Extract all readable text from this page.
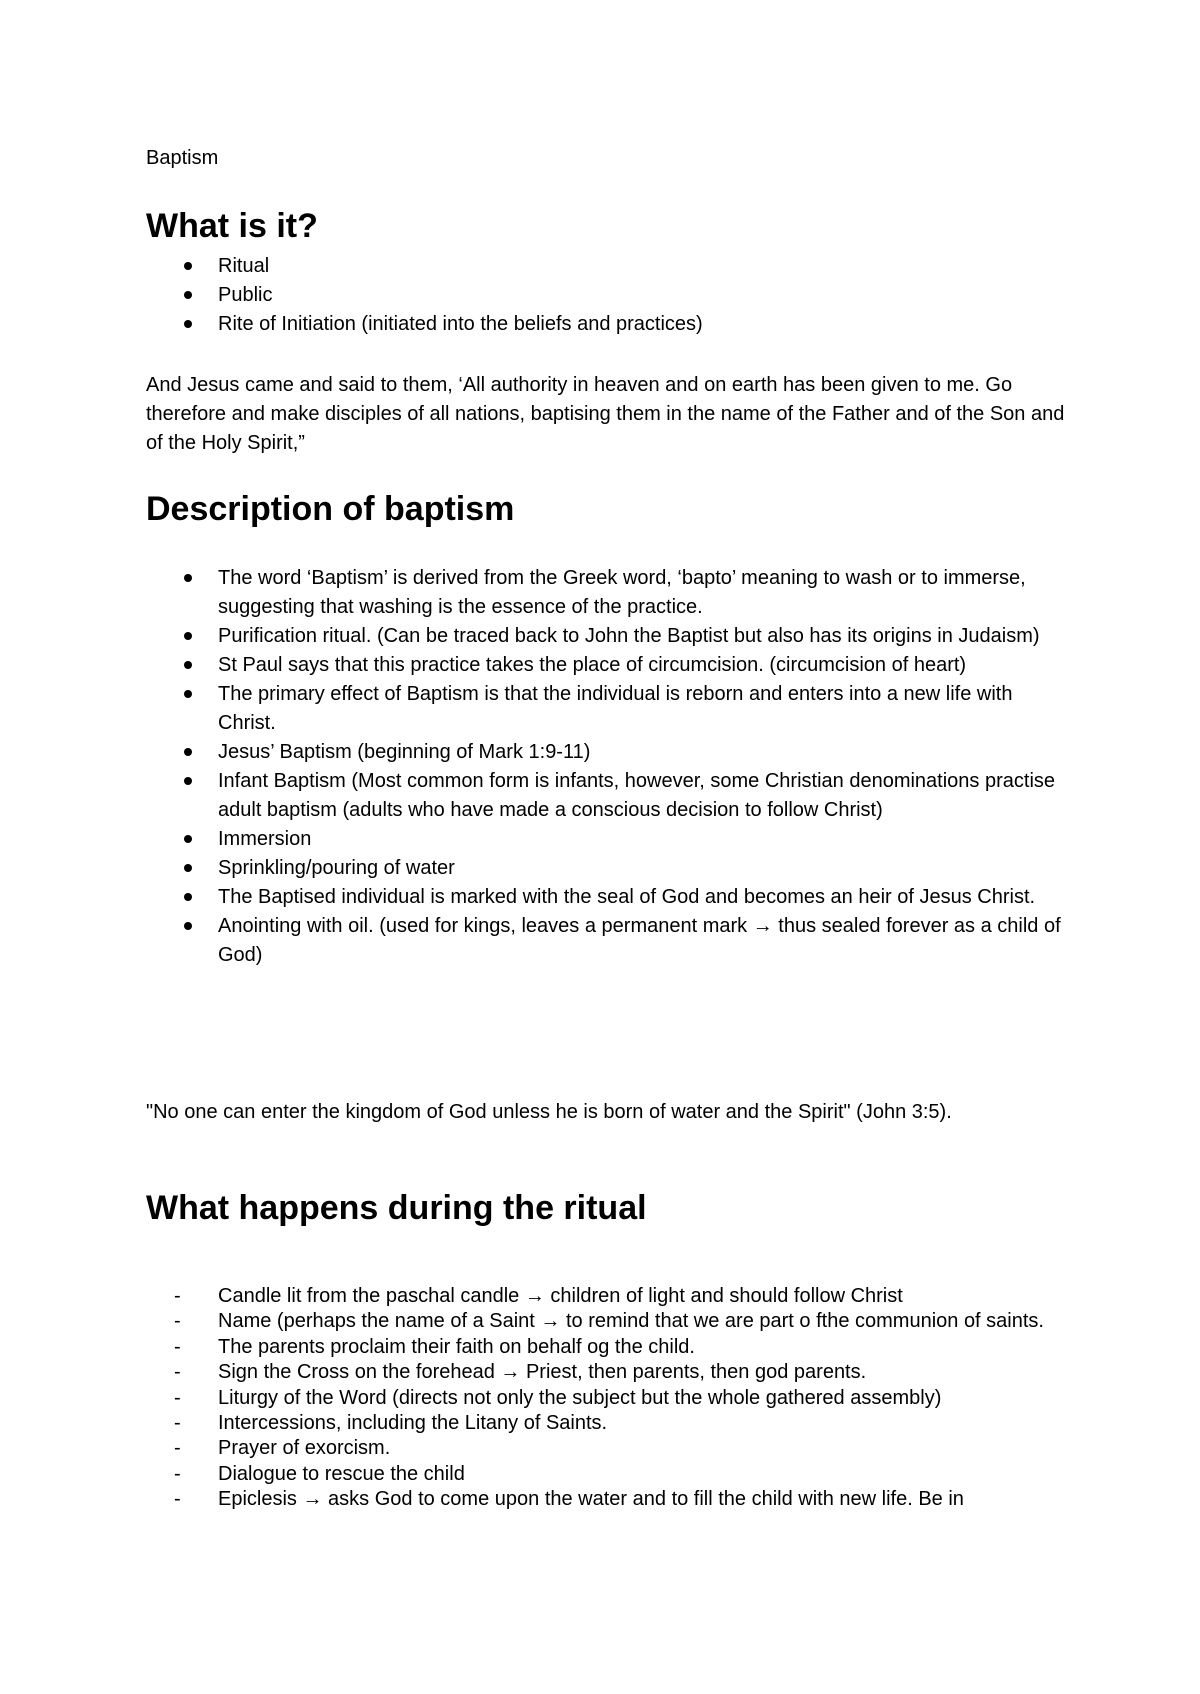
Baptism
What is it?
Ritual
Public
Rite of Initiation (initiated into the beliefs and practices)

And Jesus came and said to them, ‘All authority in heaven and on earth has been given to me. Go therefore and make disciples of all nations, baptising them in the name of the Father and of the Son and of the Holy Spirit,”

Description of baptism
The word ‘Baptism’ is derived from the Greek word, ‘bapto’ meaning to wash or to immerse, suggesting that washing is the essence of the practice.
Purification ritual. (Can be traced back to John the Baptist but also has its origins in Judaism)
St Paul says that this practice takes the place of circumcision. (circumcision of heart)
The primary effect of Baptism is that the individual is reborn and enters into a new life with Christ.
Jesus’ Baptism (beginning of Mark 1:9-11)
Infant Baptism (Most common form is infants, however, some Christian denominations practise adult baptism (adults who have made a conscious decision to follow Christ)
Immersion
Sprinkling/pouring of water
The Baptised individual is marked with the seal of God and becomes an heir of Jesus Christ.
Anointing with oil. (used for kings, leaves a permanent mark → thus sealed forever as a child of God)

"No one can enter the kingdom of God unless he is born of water and the Spirit" (John 3:5).

What happens during the ritual
-	Candle lit from the paschal candle → children of light and should follow Christ
-	Name (perhaps the name of a Saint → to remind that we are part o fthe communion of saints.
-	The parents proclaim their faith on behalf og the child.
-	Sign the Cross on the forehead → Priest, then parents, then god parents.
-	Liturgy of the Word (directs not only the subject but the whole gathered assembly)
-	Intercessions, including the Litany of Saints.
-	Prayer of exorcism.
-	Dialogue to rescue the child
-	Epiclesis → asks God to come upon the water and to fill the child with new life. Be in
